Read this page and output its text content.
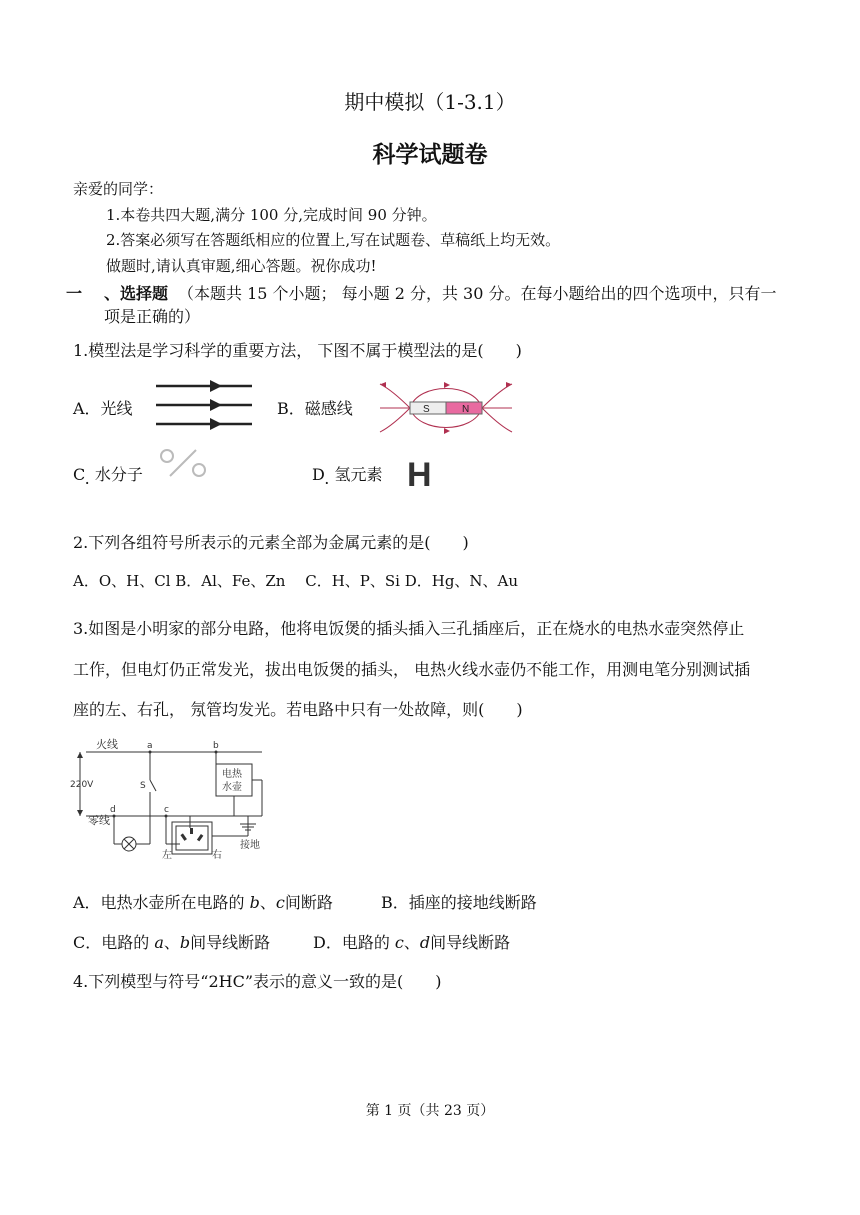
期中模拟（1-3.1）
科学试题卷
亲爱的同学：
1.本卷共四大题,满分 100 分,完成时间 90 分钟。
2.答案必须写在答题纸相应的位置上,写在试题卷、草稿纸上均无效。
做题时,请认真审题,细心答题。祝你成功!
一 、选择题 （本题共 15 个小题； 每小题 2 分，共 30 分。在每小题给出的四个选项中，只有一
项是正确的）
1.模型法是学习科学的重要方法， 下图不属于模型法的是(　　)
A．光线	B．磁感线	S	N
C. 水分子	D. 氢元素 H
2.下列各组符号所表示的元素全部为金属元素的是(　　)
A．O、H、Cl B．Al、Fe、Zn　 C．H、P、Si D．Hg、N、Au
3.如图是小明家的部分电路，他将电饭煲的插头插入三孔插座后，正在烧水的电热水壶突然停止
工作，但电灯仍正常发光，拔出电饭煲的插头， 电热火线水壶仍不能工作，用测电笔分别测试插
座的左、右孔， 氖管均发光。若电路中只有一处故障，则(　　)
火线
零线
220V
a	b
c
d
S
电热
水壶
左	右
接地
A．电热水壶所在电路的 b、c间断路	B．插座的接地线断路
C．电路的 a、b间导线断路	D．电路的 c、d间导线断路
4.下列模型与符号“2HC”表示的意义一致的是(　　)
第 1 页（共 23 页）
